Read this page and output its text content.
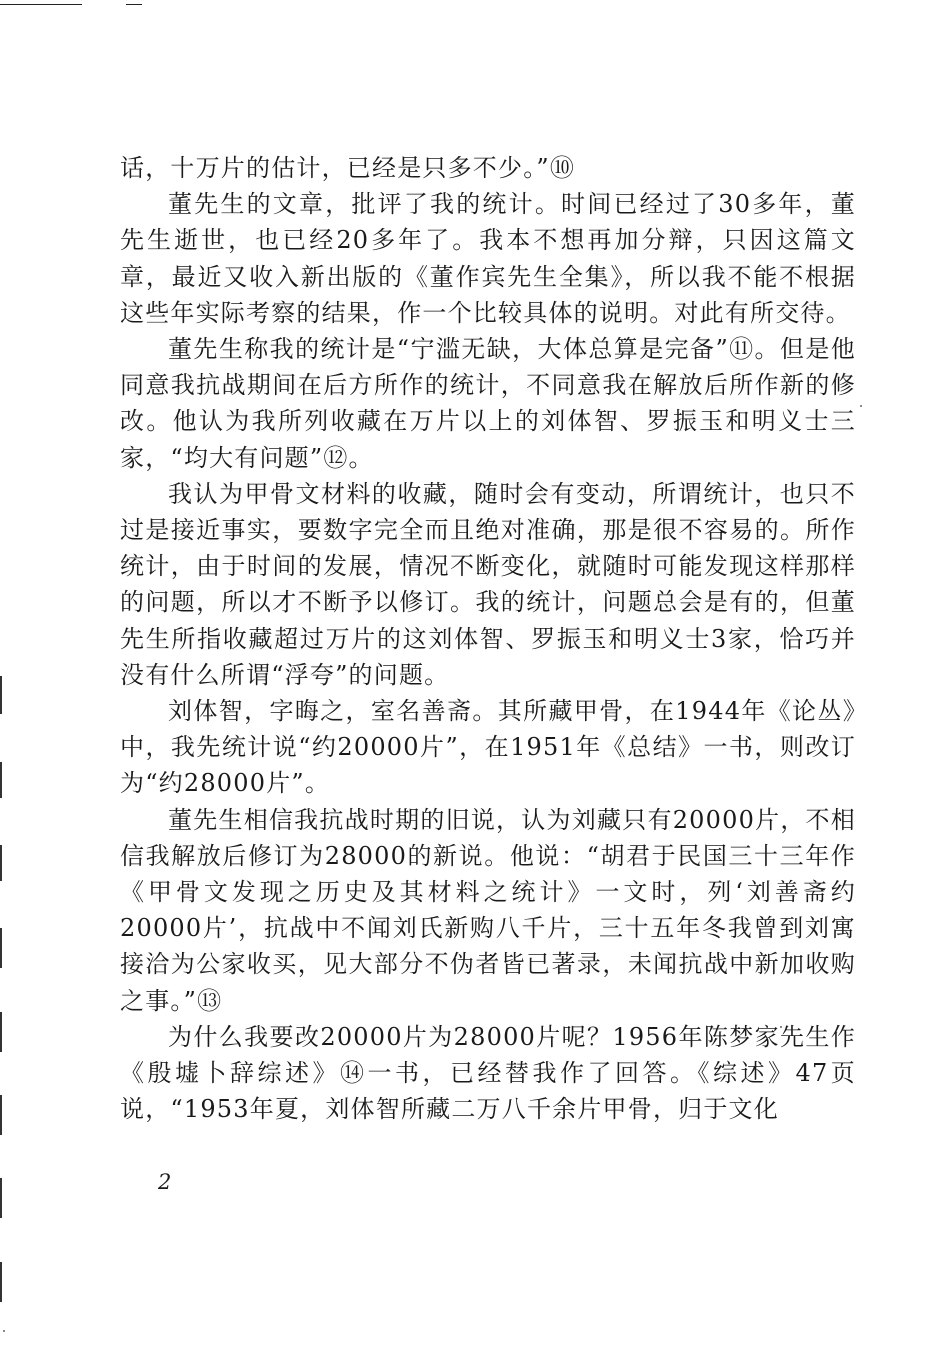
话，十万片的估计，已经是只多不少。”⑩

董先生的文章，批评了我的统计。时间已经过了30多年，董先生逝世，也已经20多年了。我本不想再加分辩，只因这篇文章，最近又收入新出版的《董作宾先生全集》，所以我不能不根据这些年实际考察的结果，作一个比较具体的说明。对此有所交待。

董先生称我的统计是“宁滥无缺，大体总算是完备”⑪。但是他同意我抗战期间在后方所作的统计，不同意我在解放后所作新的修改。他认为我所列收藏在万片以上的刘体智、罗振玉和明义士三家，“均大有问题”⑫。

我认为甲骨文材料的收藏，随时会有变动，所谓统计，也只不过是接近事实，要数字完全而且绝对准确，那是很不容易的。所作统计，由于时间的发展，情况不断变化，就随时可能发现这样那样的问题，所以才不断予以修订。我的统计，问题总会是有的，但董先生所指收藏超过万片的这刘体智、罗振玉和明义士3家，恰巧并没有什么所谓“浮夸”的问题。

刘体智，字晦之，室名善斋。其所藏甲骨，在1944年《论丛》中，我先统计说“约20000片”，在1951年《总结》一书，则改订为“约28000片”。

董先生相信我抗战时期的旧说，认为刘藏只有20000片，不相信我解放后修订为28000的新说。他说：“胡君于民国三十三年作《甲骨文发现之历史及其材料之统计》一文时，列‘刘善斋约20000片’，抗战中不闻刘氏新购八千片，三十五年冬我曾到刘寓接洽为公家收买，见大部分不伪者皆已著录，未闻抗战中新加收购之事。”⑬

为什么我要改20000片为28000片呢？1956年陈梦家先生作《殷墟卜辞综述》⑭一书，已经替我作了回答。《综述》47页说，“1953年夏，刘体智所藏二万八千余片甲骨，归于文化

2
